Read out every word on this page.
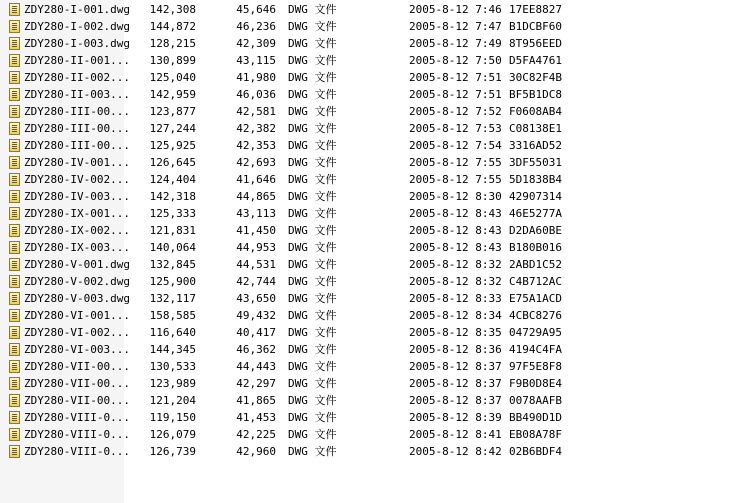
ZDY280-I-001.dwg	142,308	45,646 DWG 文件	2005-8-12 7:46 17EE8827
ZDY280-I-002.dwg	144,872	46,236 DWG 文件	2005-8-12 7:47 B1DCBF60
ZDY280-I-003.dwg	128,215	42,309 DWG 文件	2005-8-12 7:49 8T956EED
ZDY280-II-001...	130,899	43,115 DWG 文件	2005-8-12 7:50 D5FA4761
ZDY280-II-002...	125,040	41,980 DWG 文件	2005-8-12 7:51 30C82F4B
ZDY280-II-003...	142,959	46,036 DWG 文件	2005-8-12 7:51 BF5B1DC8
ZDY280-III-00...	123,877	42,581 DWG 文件	2005-8-12 7:52 F0608AB4
ZDY280-III-00...	127,244	42,382 DWG 文件	2005-8-12 7:53 C08138E1
ZDY280-III-00...	125,925	42,353 DWG 文件	2005-8-12 7:54 3316AD52
ZDY280-IV-001...	126,645	42,693 DWG 文件	2005-8-12 7:55 3DF55031
ZDY280-IV-002...	124,404	41,646 DWG 文件	2005-8-12 7:55 5D1838B4
ZDY280-IV-003...	142,318	44,865 DWG 文件	2005-8-12 8:30 42907314
ZDY280-IX-001...	125,333	43,113 DWG 文件	2005-8-12 8:43 46E5277A
ZDY280-IX-002...	121,831	41,450 DWG 文件	2005-8-12 8:43 D2DA60BE
ZDY280-IX-003...	140,064	44,953 DWG 文件	2005-8-12 8:43 B180B016
ZDY280-V-001.dwg	132,845	44,531 DWG 文件	2005-8-12 8:32 2ABD1C52
ZDY280-V-002.dwg	125,900	42,744 DWG 文件	2005-8-12 8:32 C4B712AC
ZDY280-V-003.dwg	132,117	43,650 DWG 文件	2005-8-12 8:33 E75A1ACD
ZDY280-VI-001...	158,585	49,432 DWG 文件	2005-8-12 8:34 4CBC8276
ZDY280-VI-002...	116,640	40,417 DWG 文件	2005-8-12 8:35 04729A95
ZDY280-VI-003...	144,345	46,362 DWG 文件	2005-8-12 8:36 4194C4FA
ZDY280-VII-00...	130,533	44,443 DWG 文件	2005-8-12 8:37 97F5E8F8
ZDY280-VII-00...	123,989	42,297 DWG 文件	2005-8-12 8:37 F9B0D8E4
ZDY280-VII-00...	121,204	41,865 DWG 文件	2005-8-12 8:37 0078AAFB
ZDY280-VIII-0...	119,150	41,453 DWG 文件	2005-8-12 8:39 BB490D1D
ZDY280-VIII-0...	126,079	42,225 DWG 文件	2005-8-12 8:41 EB08A78F
ZDY280-VIII-0...	126,739	42,960 DWG 文件	2005-8-12 8:42 02B6BDF4
